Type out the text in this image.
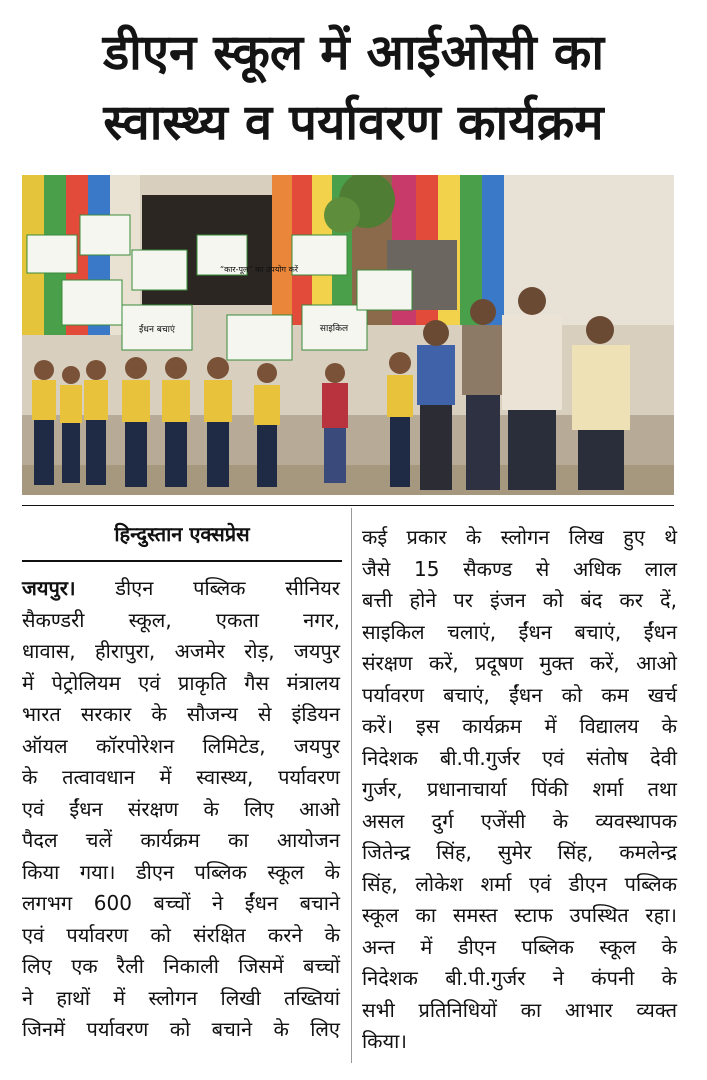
डीएन स्कूल में आईओसी का
स्वास्थ्य व पर्यावरण कार्यक्रम
ईंधन बचाएं
“कार-पूल” का उपयोग करें
साइकिल
हिन्दुस्तान एक्सप्रेस
जयपुर। डीएन पब्लिक सीनियर
सैकण्डरी स्कूल, एकता नगर,
धावास, हीरापुरा, अजमेर रोड़, जयपुर
में पेट्रोलियम एवं प्राकृति गैस मंत्रालय
भारत सरकार के सौजन्य से इंडियन
ऑयल कॉरपोरेशन लिमिटेड, जयपुर
के तत्वावधान में स्वास्थ्य, पर्यावरण
एवं ईंधन संरक्षण के लिए आओ
पैदल चलें कार्यक्रम का आयोजन
किया गया। डीएन पब्लिक स्कूल के
लगभग 600 बच्चों ने ईंधन बचाने
एवं पर्यावरण को संरक्षित करने के
लिए एक रैली निकाली जिसमें बच्चों
ने हाथों में स्लोगन लिखी तख्तियां
जिनमें पर्यावरण को बचाने के लिए
कई प्रकार के स्लोगन लिख हुए थे
जैसे 15 सैकण्ड से अधिक लाल
बत्ती होने पर इंजन को बंद कर दें,
साइकिल चलाएं, ईंधन बचाएं, ईंधन
संरक्षण करें, प्रदूषण मुक्त करें, आओ
पर्यावरण बचाएं, ईंधन को कम खर्च
करें। इस कार्यक्रम में विद्यालय के
निदेशक बी.पी.गुर्जर एवं संतोष देवी
गुर्जर, प्रधानाचार्या पिंकी शर्मा तथा
असल दुर्ग एजेंसी के व्यवस्थापक
जितेन्द्र सिंह, सुमेर सिंह, कमलेन्द्र
सिंह, लोकेश शर्मा एवं डीएन पब्लिक
स्कूल का समस्त स्टाफ उपस्थित रहा।
अन्त में डीएन पब्लिक स्कूल के
निदेशक बी.पी.गुर्जर ने कंपनी के
सभी प्रतिनिधियों का आभार व्यक्त
किया।
